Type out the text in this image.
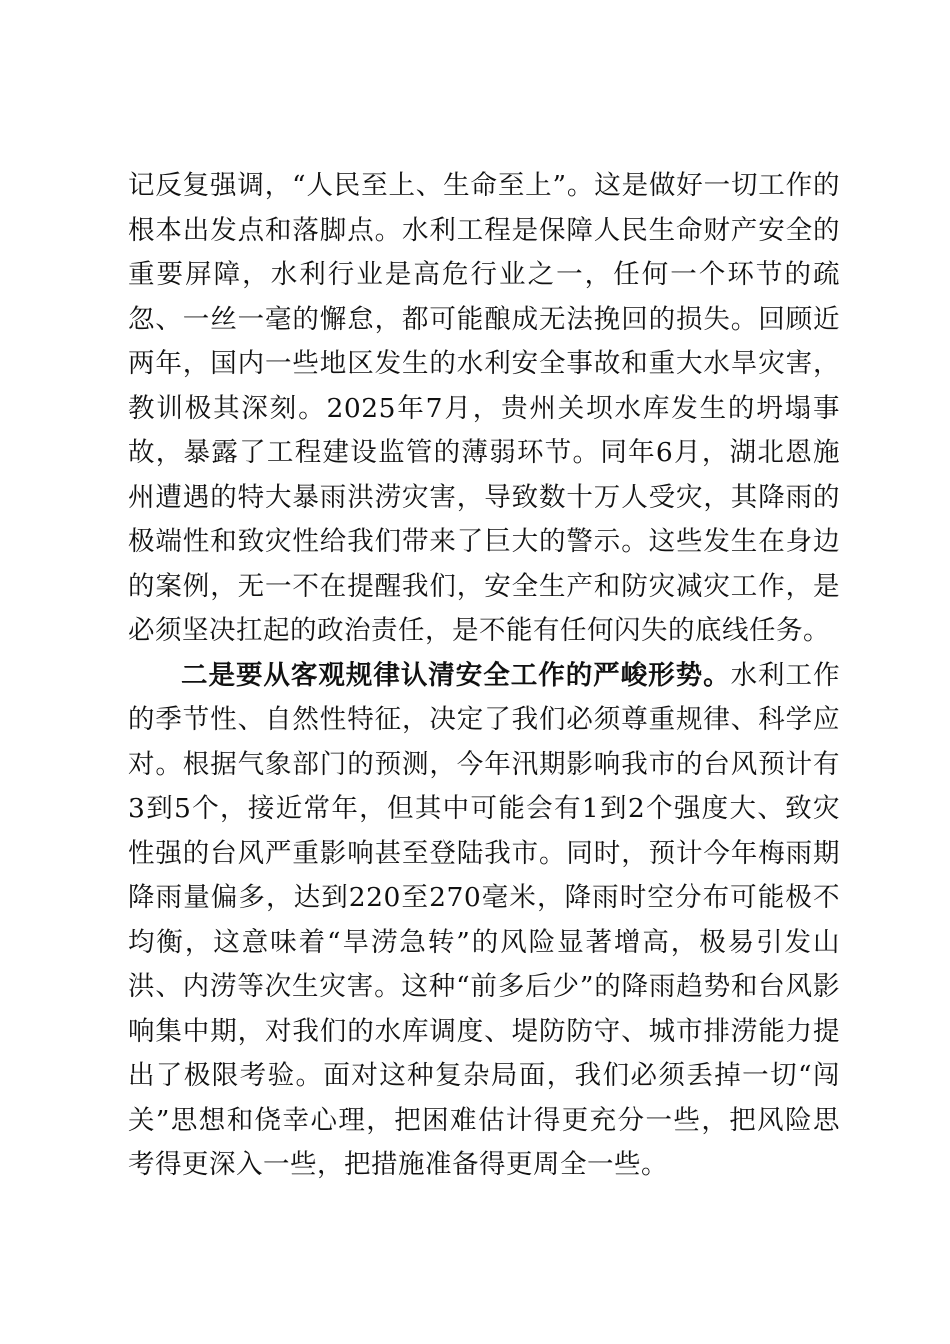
记反复强调，“人民至上、生命至上”。这是做好一切工作的根本出发点和落脚点。水利工程是保障人民生命财产安全的重要屏障，水利行业是高危行业之一，任何一个环节的疏忽、一丝一毫的懈怠，都可能酿成无法挽回的损失。回顾近两年，国内一些地区发生的水利安全事故和重大水旱灾害，教训极其深刻。2025年7月，贵州关坝水库发生的坍塌事故，暴露了工程建设监管的薄弱环节。同年6月，湖北恩施州遭遇的特大暴雨洪涝灾害，导致数十万人受灾，其降雨的极端性和致灾性给我们带来了巨大的警示。这些发生在身边的案例，无一不在提醒我们，安全生产和防灾减灾工作，是必须坚决扛起的政治责任，是不能有任何闪失的底线任务。

二是要从客观规律认清安全工作的严峻形势。水利工作的季节性、自然性特征，决定了我们必须尊重规律、科学应对。根据气象部门的预测，今年汛期影响我市的台风预计有3到5个，接近常年，但其中可能会有1到2个强度大、致灾性强的台风严重影响甚至登陆我市。同时，预计今年梅雨期降雨量偏多，达到220至270毫米，降雨时空分布可能极不均衡，这意味着“旱涝急转”的风险显著增高，极易引发山洪、内涝等次生灾害。这种“前多后少”的降雨趋势和台风影响集中期，对我们的水库调度、堤防防守、城市排涝能力提出了极限考验。面对这种复杂局面，我们必须丢掉一切“闯关”思想和侥幸心理，把困难估计得更充分一些，把风险思考得更深入一些，把措施准备得更周全一些。
